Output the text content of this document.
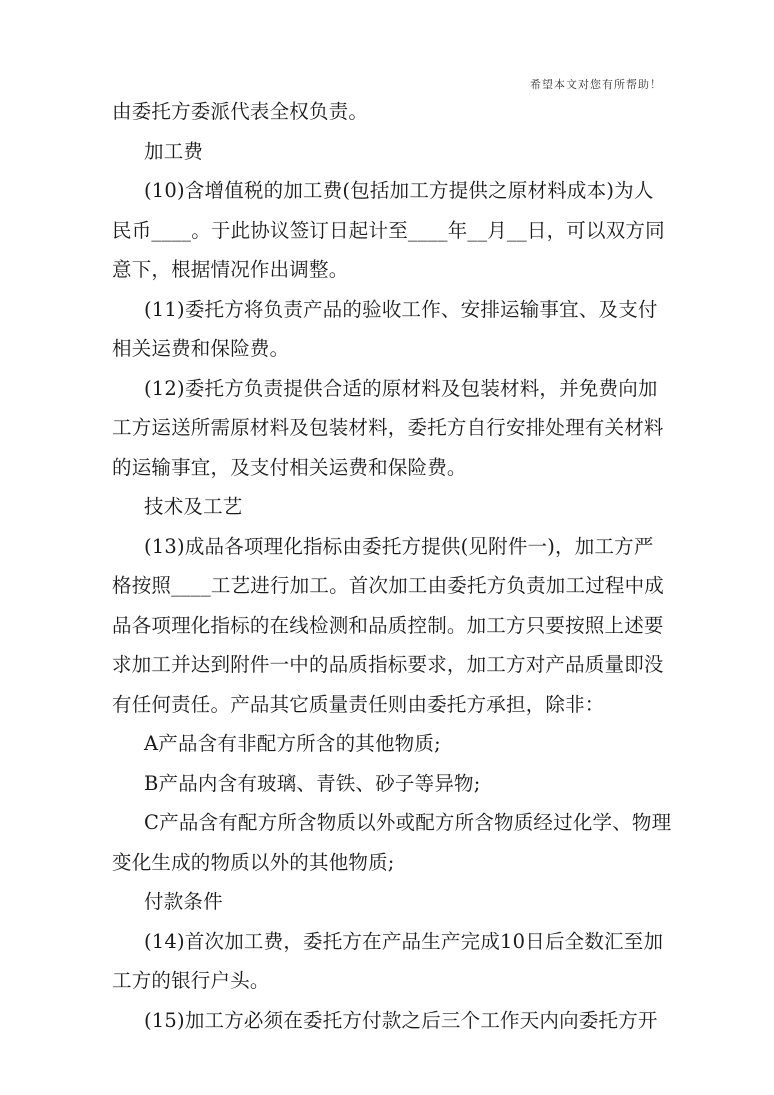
希望本文对您有所帮助！
由委托方委派代表全权负责。
加工费
(10)含增值税的加工费(包括加工方提供之原材料成本)为人
民币____。于此协议签订日起计至____年__月__日，可以双方同
意下，根据情况作出调整。
(11)委托方将负责产品的验收工作、安排运输事宜、及支付
相关运费和保险费。
(12)委托方负责提供合适的原材料及包装材料，并免费向加
工方运送所需原材料及包装材料，委托方自行安排处理有关材料
的运输事宜，及支付相关运费和保险费。
技术及工艺
(13)成品各项理化指标由委托方提供(见附件一)，加工方严
格按照____工艺进行加工。首次加工由委托方负责加工过程中成
品各项理化指标的在线检测和品质控制。加工方只要按照上述要
求加工并达到附件一中的品质指标要求，加工方对产品质量即没
有任何责任。产品其它质量责任则由委托方承担，除非：
A产品含有非配方所含的其他物质;
B产品内含有玻璃、青铁、砂子等异物;
C产品含有配方所含物质以外或配方所含物质经过化学、物理
变化生成的物质以外的其他物质;
付款条件
(14)首次加工费，委托方在产品生产完成10日后全数汇至加
工方的银行户头。
(15)加工方必须在委托方付款之后三个工作天内向委托方开
